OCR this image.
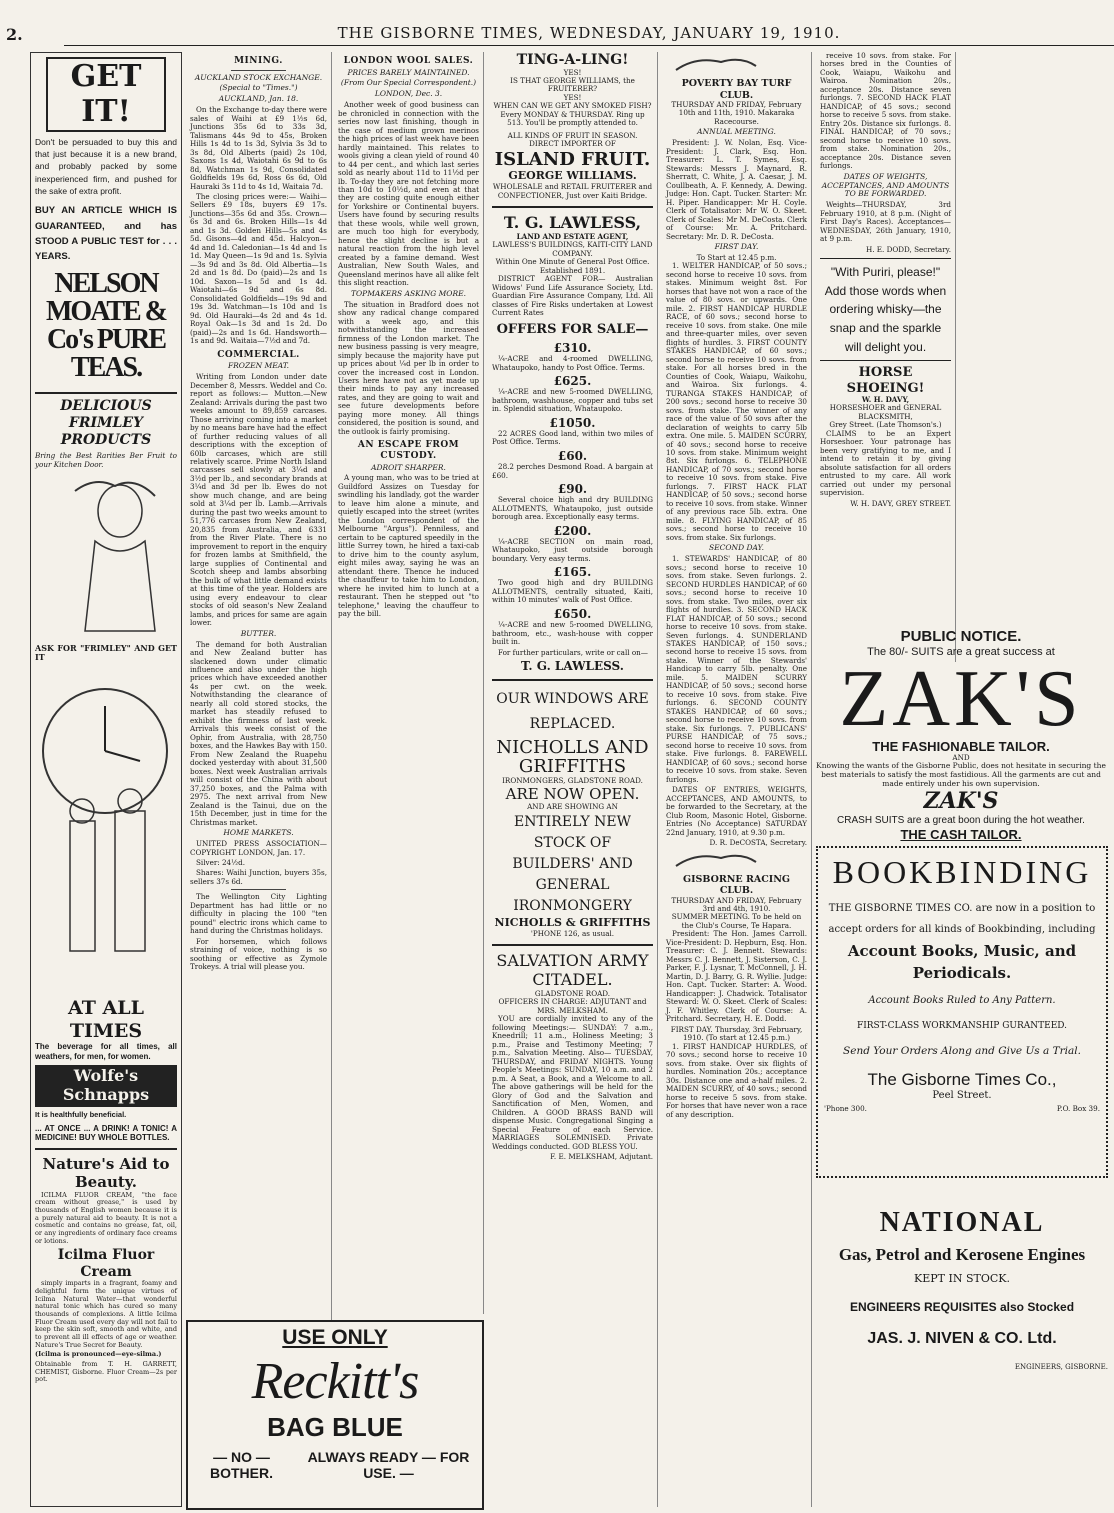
2.	THE GISBORNE TIMES, WEDNESDAY, JANUARY 19, 1910.
GET IT!

Don't be persuaded to buy this and that just because it is a new brand, and probably packed by some inexperienced firm, and pushed for the sake of extra profit.

BUY AN ARTICLE WHICH IS GUARANTEED, and has STOOD A PUBLIC TEST for . . . YEARS.

NELSON MOATE & Co's PURE TEAS.
DELICIOUS FRIMLEY PRODUCTS

Bring the Best Rarities Ber Fruit to your Kitchen Door.

ASK FOR "FRIMLEY" AND GET IT

AT ALL TIMES

The beverage for all times, all weathers, for men, for women.

Wolfe's Schnapps

It is healthfully beneficial.

... AT ONCE ... A DRINK! A TONIC! A MEDICINE! BUY WHOLE BOTTLES.

Nature's Aid to Beauty.

ICILMA FLUOR CREAM, "the face cream without grease," is used by thousands of English women because it is a purely natural aid to beauty. It is not a cosmetic and contains no grease, fat, oil, or any ingredients of ordinary face creams or lotions.

Icilma Fluor Cream

simply imparts in a fragrant, foamy and delightful form the unique virtues of Icilma Natural Water—that wonderful natural tonic which has cured so many thousands of complexions. A little Icilma Fluor Cream used every day will not fail to keep the skin soft, smooth and white, and to prevent all ill effects of age or weather. Nature's True Secret for Beauty.

(Icilma is pronounced—eye-silma.)

Obtainable from T. H. GARRETT, CHEMIST, Gisborne. Fluor Cream—2s per pot.

MINING.
AUCKLAND STOCK EXCHANGE.
(Special to "Times.")
AUCKLAND, Jan. 18.

On the Exchange to-day there were sales of Waihi at £9 1½s 6d, Junctions 35s 6d to 33s 3d, Talismans 44s 9d to 45s, Broken Hills 1s 4d to 1s 3d, Sylvia 3s 3d to 3s 8d, Old Alberts (paid) 2s 10d, Saxons 1s 4d, Waiotahi 6s 9d to 6s 8d, Watchman 1s 9d, Consolidated Goldfields 19s 6d, Ross 6s 6d, Old Hauraki 3s 11d to 4s 1d, Waitaia 7d.

The closing prices were:— Waihi—Sellers £9 18s, buyers £9 17s. Junctions—35s 6d and 35s. Crown—6s 3d and 6s. Broken Hills—1s 4d and 1s 3d. Golden Hills—5s and 4s 5d. Gisons—4d and 45d. Halcyon—4d and 1d. Caledonian—1s 4d and 1s 1d. May Queen—1s 9d and 1s. Sylvia—3s 9d and 3s 8d. Old Albertia—1s 2d and 1s 8d. Do (paid)—2s and 1s 10d. Saxon—1s 5d and 1s 4d. Waiotahi—6s 9d and 6s 8d. Consolidated Goldfields—19s 9d and 19s 3d. Watchman—1s 10d and 1s 9d. Old Hauraki—4s 2d and 4s 1d. Royal Oak—1s 3d and 1s 2d. Do (paid)—2s and 1s 6d. Handsworth—1s and 9d. Waitaia—7½d and 7d.

COMMERCIAL.
FROZEN MEAT.

Writing from London under date December 8, Messrs. Weddel and Co. report as follows:— Mutton.—New Zealand: Arrivals during the past two weeks amount to 89,859 carcases. Those arriving coming into a market by no means bare have had the effect of further reducing values of all descriptions with the exception of 60lb carcases, which are still relatively scarce. Prime North Island carcasses sell slowly at 3¼d and 3½d per lb., and secondary brands at 3¼d and 3d per lb. Ewes do not show much change, and are being sold at 3¼d per lb. Lamb.—Arrivals during the past two weeks amount to 51,776 carcases from New Zealand, 20,835 from Australia, and 6331 from the River Plate. There is no improvement to report in the enquiry for frozen lambs at Smithfield, the large supplies of Continental and Scotch sheep and lambs absorbing the bulk of what little demand exists at this time of the year. Holders are using every endeavour to clear stocks of old season's New Zealand lambs, and prices for same are again lower.

BUTTER.

The demand for both Australian and New Zealand butter has slackened down under climatic influence and also under the high prices which have exceeded another 4s per cwt. on the week. Notwithstanding the clearance of nearly all cold stored stocks, the market has steadily refused to exhibit the firmness of last week. Arrivals this week consist of the Ophir, from Australia, with 28,750 boxes, and the Hawkes Bay with 150. From New Zealand the Ruapehu docked yesterday with about 31,500 boxes. Next week Australian arrivals will consist of the China with about 37,250 boxes, and the Palma with 2975. The next arrival from New Zealand is the Tainui, due on the 15th December, just in time for the Christmas market.

HOME MARKETS.

UNITED PRESS ASSOCIATION—COPYRIGHT LONDON, Jan. 17.

Silver: 24½d.

Shares: Waihi Junction, buyers 35s, sellers 37s 6d.

The Wellington City Lighting Department has had little or no difficulty in placing the 100 "ten pound" electric irons which came to hand during the Christmas holidays.

For horsemen, which follows straining of voice, nothing is so soothing or effective as Zymole Trokeys. A trial will please you.

USE ONLY
Reckitt's
BAG BLUE
— NO — BOTHER.
ALWAYS READY — FOR USE. —
LONDON WOOL SALES.
PRICES BARELY MAINTAINED.
(From Our Special Correspondent.)
LONDON, Dec. 3.

Another week of good business can be chronicled in connection with the series now last finishing, though in the case of medium grown merinos the high prices of last week have been hardly maintained. This relates to wools giving a clean yield of round 40 to 44 per cent., and which last series sold as nearly about 11d to 11½d per lb. To-day they are not fetching more than 10d to 10½d, and even at that they are costing quite enough either for Yorkshire or Continental buyers. Users have found by securing results that these wools, while well grown, are much too high for everybody, hence the slight decline is but a natural reaction from the high level created by a famine demand. West Australian, New South Wales, and Queensland merinos have all alike felt this slight reaction.

TOPMAKERS ASKING MORE.

The situation in Bradford does not show any radical change compared with a week ago, and this notwithstanding the increased firmness of the London market. The new business passing is very meagre, simply because the majority have put up prices about ¼d per lb in order to cover the increased cost in London. Users here have not as yet made up their minds to pay any increased rates, and they are going to wait and see future developments before paying more money. All things considered, the position is sound, and the outlook is fairly promising.

AN ESCAPE FROM CUSTODY.
ADROIT SHARPER.

A young man, who was to be tried at Guildford Assizes on Tuesday for swindling his landlady, got the warder to leave him alone a minute, and quietly escaped into the street (writes the London correspondent of the Melbourne "Argus"). Penniless, and certain to be captured speedily in the little Surrey town, he hired a taxi-cab to drive him to the county asylum, eight miles away, saying he was an attendant there. Thence he induced the chauffeur to take him to London, where he invited him to lunch at a restaurant. Then he stepped out "to telephone," leaving the chauffeur to pay the bill.

TING-A-LING!
YES!
IS THAT GEORGE WILLIAMS, the FRUITERER?
YES!
WHEN CAN WE GET ANY SMOKED FISH?
Every MONDAY & THURSDAY. Ring up 513. You'll be promptly attended to.
ALL KINDS OF FRUIT IN SEASON. DIRECT IMPORTER OF
ISLAND FRUIT.
GEORGE WILLIAMS.
WHOLESALE and RETAIL FRUITERER and CONFECTIONER, Just over Kaiti Bridge.
T. G. LAWLESS,
LAND AND ESTATE AGENT,
LAWLESS'S BUILDINGS, KAITI-CITY LAND COMPANY.
Within One Minute of General Post Office. Established 1891.

DISTRICT AGENT FOR— Australian Widows' Fund Life Assurance Society, Ltd. Guardian Fire Assurance Company, Ltd. All classes of Fire Risks undertaken at Lowest Current Rates

OFFERS FOR SALE—
£310.

¼-ACRE and 4-roomed DWELLING, Whataupoko, handy to Post Office. Terms.

£625.

¼-ACRE and new 5-roomed DWELLING, bathroom, washhouse, copper and tubs set in. Splendid situation, Whataupoko.

£1050.

22 ACRES Good land, within two miles of Post Office. Terms.

£60.

28.2 perches Desmond Road. A bargain at £60.

£90.

Several choice high and dry BUILDING ALLOTMENTS, Whataupoko, just outside borough area. Exceptionally easy terms.

£200.

¼-ACRE SECTION on main road, Whataupoko, just outside borough boundary. Very easy terms.

£165.

Two good high and dry BUILDING ALLOTMENTS, centrally situated, Kaiti, within 10 minutes' walk of Post Office.

£650.

¼-ACRE and new 5-roomed DWELLING, bathroom, etc., wash-house with copper built in.

For further particulars, write or call on—

T. G. LAWLESS.
OUR WINDOWS ARE REPLACED.
NICHOLLS AND GRIFFITHS
IRONMONGERS, GLADSTONE ROAD.
ARE NOW OPEN.
AND ARE SHOWING AN
ENTIRELY NEW STOCK OF BUILDERS' AND GENERAL IRONMONGERY
NICHOLLS & GRIFFITHS
'PHONE 126, as usual.
SALVATION ARMY CITADEL.
GLADSTONE ROAD.
OFFICERS IN CHARGE: ADJUTANT and MRS. MELKSHAM.

YOU are cordially invited to any of the following Meetings:— SUNDAY: 7 a.m., Kneedrill; 11 a.m., Holiness Meeting; 3 p.m., Praise and Testimony Meeting; 7 p.m., Salvation Meeting. Also— TUESDAY, THURSDAY, and FRIDAY NIGHTS. Young People's Meetings: SUNDAY, 10 a.m. and 2 p.m. A Seat, a Book, and a Welcome to all. The above gatherings will be held for the Glory of God and the Salvation and Sanctification of Men, Women, and Children. A GOOD BRASS BAND will dispense Music. Congregational Singing a Special Feature of each Service. MARRIAGES SOLEMNISED. Private Weddings conducted. GOD BLESS YOU.

F. E. MELKSHAM, Adjutant.
POVERTY BAY TURF CLUB.
THURSDAY AND FRIDAY, February 10th and 11th, 1910. Makaraka Racecourse.
ANNUAL MEETING.

President: J. W. Nolan, Esq. Vice-President: J. Clark, Esq. Hon. Treasurer: L. T. Symes, Esq. Stewards: Messrs J. Maynard, R. Sherratt, C. White, J. A. Caesar, J. M. Coullbeath, A. F. Kennedy, A. Dewing. Judge: Hon. Capt. Tucker. Starter: Mr. H. Piper. Handicapper: Mr H. Coyle. Clerk of Totalisator: Mr W. O. Skeet. Clerk of Scales: Mr M. DeCosta. Clerk of Course: Mr. A. Pritchard. Secretary: Mr. D. R. DeCosta.

FIRST DAY.
To Start at 12.45 p.m.

1. WELTER HANDICAP, of 50 sovs.; second horse to receive 10 sovs. from stakes. Minimum weight 8st. For horses that have not won a race of the value of 80 sovs. or upwards. One mile. 2. FIRST HANDICAP HURDLE RACE, of 60 sovs.; second horse to receive 10 sovs. from stake. One mile and three-quarter miles, over seven flights of hurdles. 3. FIRST COUNTY STAKES HANDICAP, of 60 sovs.; second horse to receive 10 sovs. from stake. For all horses bred in the Counties of Cook, Waiapu, Waikohu, and Wairoa. Six furlongs. 4. TURANGA STAKES HANDICAP, of 200 sovs.; second horse to receive 30 sovs. from stake. The winner of any race of the value of 50 sovs after the declaration of weights to carry 5lb extra. One mile. 5. MAIDEN SCURRY, of 40 sovs.; second horse to receive 10 sovs. from stake. Minimum weight 8st. Six furlongs. 6. TELEPHONE HANDICAP, of 70 sovs.; second horse to receive 10 sovs. from stake. Five furlongs. 7. FIRST HACK FLAT HANDICAP, of 50 sovs.; second horse to receive 10 sovs. from stake. Winner of any previous race 5lb. extra. One mile. 8. FLYING HANDICAP, of 85 sovs.; second horse to receive 10 sovs. from stake. Six furlongs.

SECOND DAY.

1. STEWARDS' HANDICAP, of 80 sovs.; second horse to receive 10 sovs. from stake. Seven furlongs. 2. SECOND HURDLES HANDICAP, of 60 sovs.; second horse to receive 10 sovs. from stake. Two miles, over six flights of hurdles. 3. SECOND HACK FLAT HANDICAP, of 50 sovs.; second horse to receive 10 sovs. from stake. Seven furlongs. 4. SUNDERLAND STAKES HANDICAP, of 150 sovs.; second horse to receive 15 sovs. from stake. Winner of the Stewards' Handicap to carry 5lb. penalty. One mile. 5. MAIDEN SCURRY HANDICAP, of 50 sovs.; second horse to receive 10 sovs. from stake. Five furlongs. 6. SECOND COUNTY STAKES HANDICAP, of 60 sovs.; second horse to receive 10 sovs. from stake. Six furlongs. 7. PUBLICANS' PURSE HANDICAP, of 75 sovs.; second horse to receive 10 sovs. from stake. Five furlongs. 8. FAREWELL HANDICAP, of 60 sovs.; second horse to receive 10 sovs. from stake. Seven furlongs.

DATES OF ENTRIES, WEIGHTS, ACCEPTANCES, AND AMOUNTS, to be forwarded to the Secretary, at the Club Room, Masonic Hotel, Gisborne. Entries (No Acceptance) SATURDAY 22nd January, 1910, at 9.30 p.m.

D. R. DeCOSTA, Secretary.
GISBORNE RACING CLUB.
THURSDAY AND FRIDAY, February 3rd and 4th, 1910.
SUMMER MEETING. To be held on the Club's Course, Te Hapara.

President: The Hon. James Carroll. Vice-President: D. Hepburn, Esq. Hon. Treasurer: C. J. Bennett. Stewards: Messrs C. J. Bennett, J. Sisterson, C. J. Parker, F. J. Lysnar, T. McConnell, J. H. Martin, D. J. Barry, G. R. Wyllie. Judge: Hon. Capt. Tucker. Starter: A. Wood. Handicapper: J. Chadwick. Totalisator Steward: W. O. Skeet. Clerk of Scales: J. F. Whitley. Clerk of Course: A. Pritchard. Secretary, H. E. Dodd.

FIRST DAY. Thursday, 3rd February, 1910. (To start at 12.45 p.m.)

1. FIRST HANDICAP HURDLES, of 70 sovs.; second horse to receive 10 sovs. from stake. Over six flights of hurdles. Nomination 20s.; acceptance 30s. Distance one and a-half miles. 2. MAIDEN SCURRY, of 40 sovs.; second horse to receive 5 sovs. from stake. For horses that have never won a race of any description.

receive 10 sovs. from stake. For horses bred in the Counties of Cook, Waiapu, Waikohu and Wairoa. Nomination 20s., acceptance 20s. Distance seven furlongs. 7. SECOND HACK FLAT HANDICAP, of 45 sovs.; second horse to receive 5 sovs. from stake. Entry 20s. Distance six furlongs. 8. FINAL HANDICAP, of 70 sovs.; second horse to receive 10 sovs. from stake. Nomination 20s., acceptance 20s. Distance seven furlongs.

DATES OF WEIGHTS, ACCEPTANCES, AND AMOUNTS TO BE FORWARDED.

Weights—THURSDAY, 3rd February 1910, at 8 p.m. (Night of First Day's Races). Acceptances—WEDNESDAY, 26th January, 1910, at 9 p.m.

H. E. DODD, Secretary.
"With Puriri, please!" Add those words when ordering whisky—the snap and the sparkle will delight you.
HORSE SHOEING!
W. H. DAVY,
HORSESHOER and GENERAL BLACKSMITH,
Grey Street. (Late Thomson's.)

CLAIMS to be an Expert Horseshoer. Your patronage has been very gratifying to me, and I intend to retain it by giving absolute satisfaction for all orders entrusted to my care. All work carried out under my personal supervision.

W. H. DAVY, GREY STREET.
PUBLIC NOTICE.
The 80/- SUITS are a great success at
ZAK'S
THE FASHIONABLE TAILOR.
AND
Knowing the wants of the Gisborne Public, does not hesitate in securing the best materials to satisfy the most fastidious. All the garments are cut and made entirely under his own supervision.
ZAK'S
CRASH SUITS are a great boon during the hot weather.
THE CASH TAILOR.
BOOKBINDING
THE GISBORNE TIMES CO. are now in a position to accept orders for all kinds of Bookbinding, including
Account Books, Music, and Periodicals.
Account Books Ruled to Any Pattern.
FIRST-CLASS WORKMANSHIP GURANTEED.
Send Your Orders Along and Give Us a Trial.
The Gisborne Times Co.,
Peel Street.
'Phone 300.	P.O. Box 39.
NATIONAL
Gas, Petrol and Kerosene Engines
KEPT IN STOCK.
ENGINEERS REQUISITES also Stocked
JAS. J. NIVEN & CO. Ltd.
ENGINEERS, GISBORNE.
